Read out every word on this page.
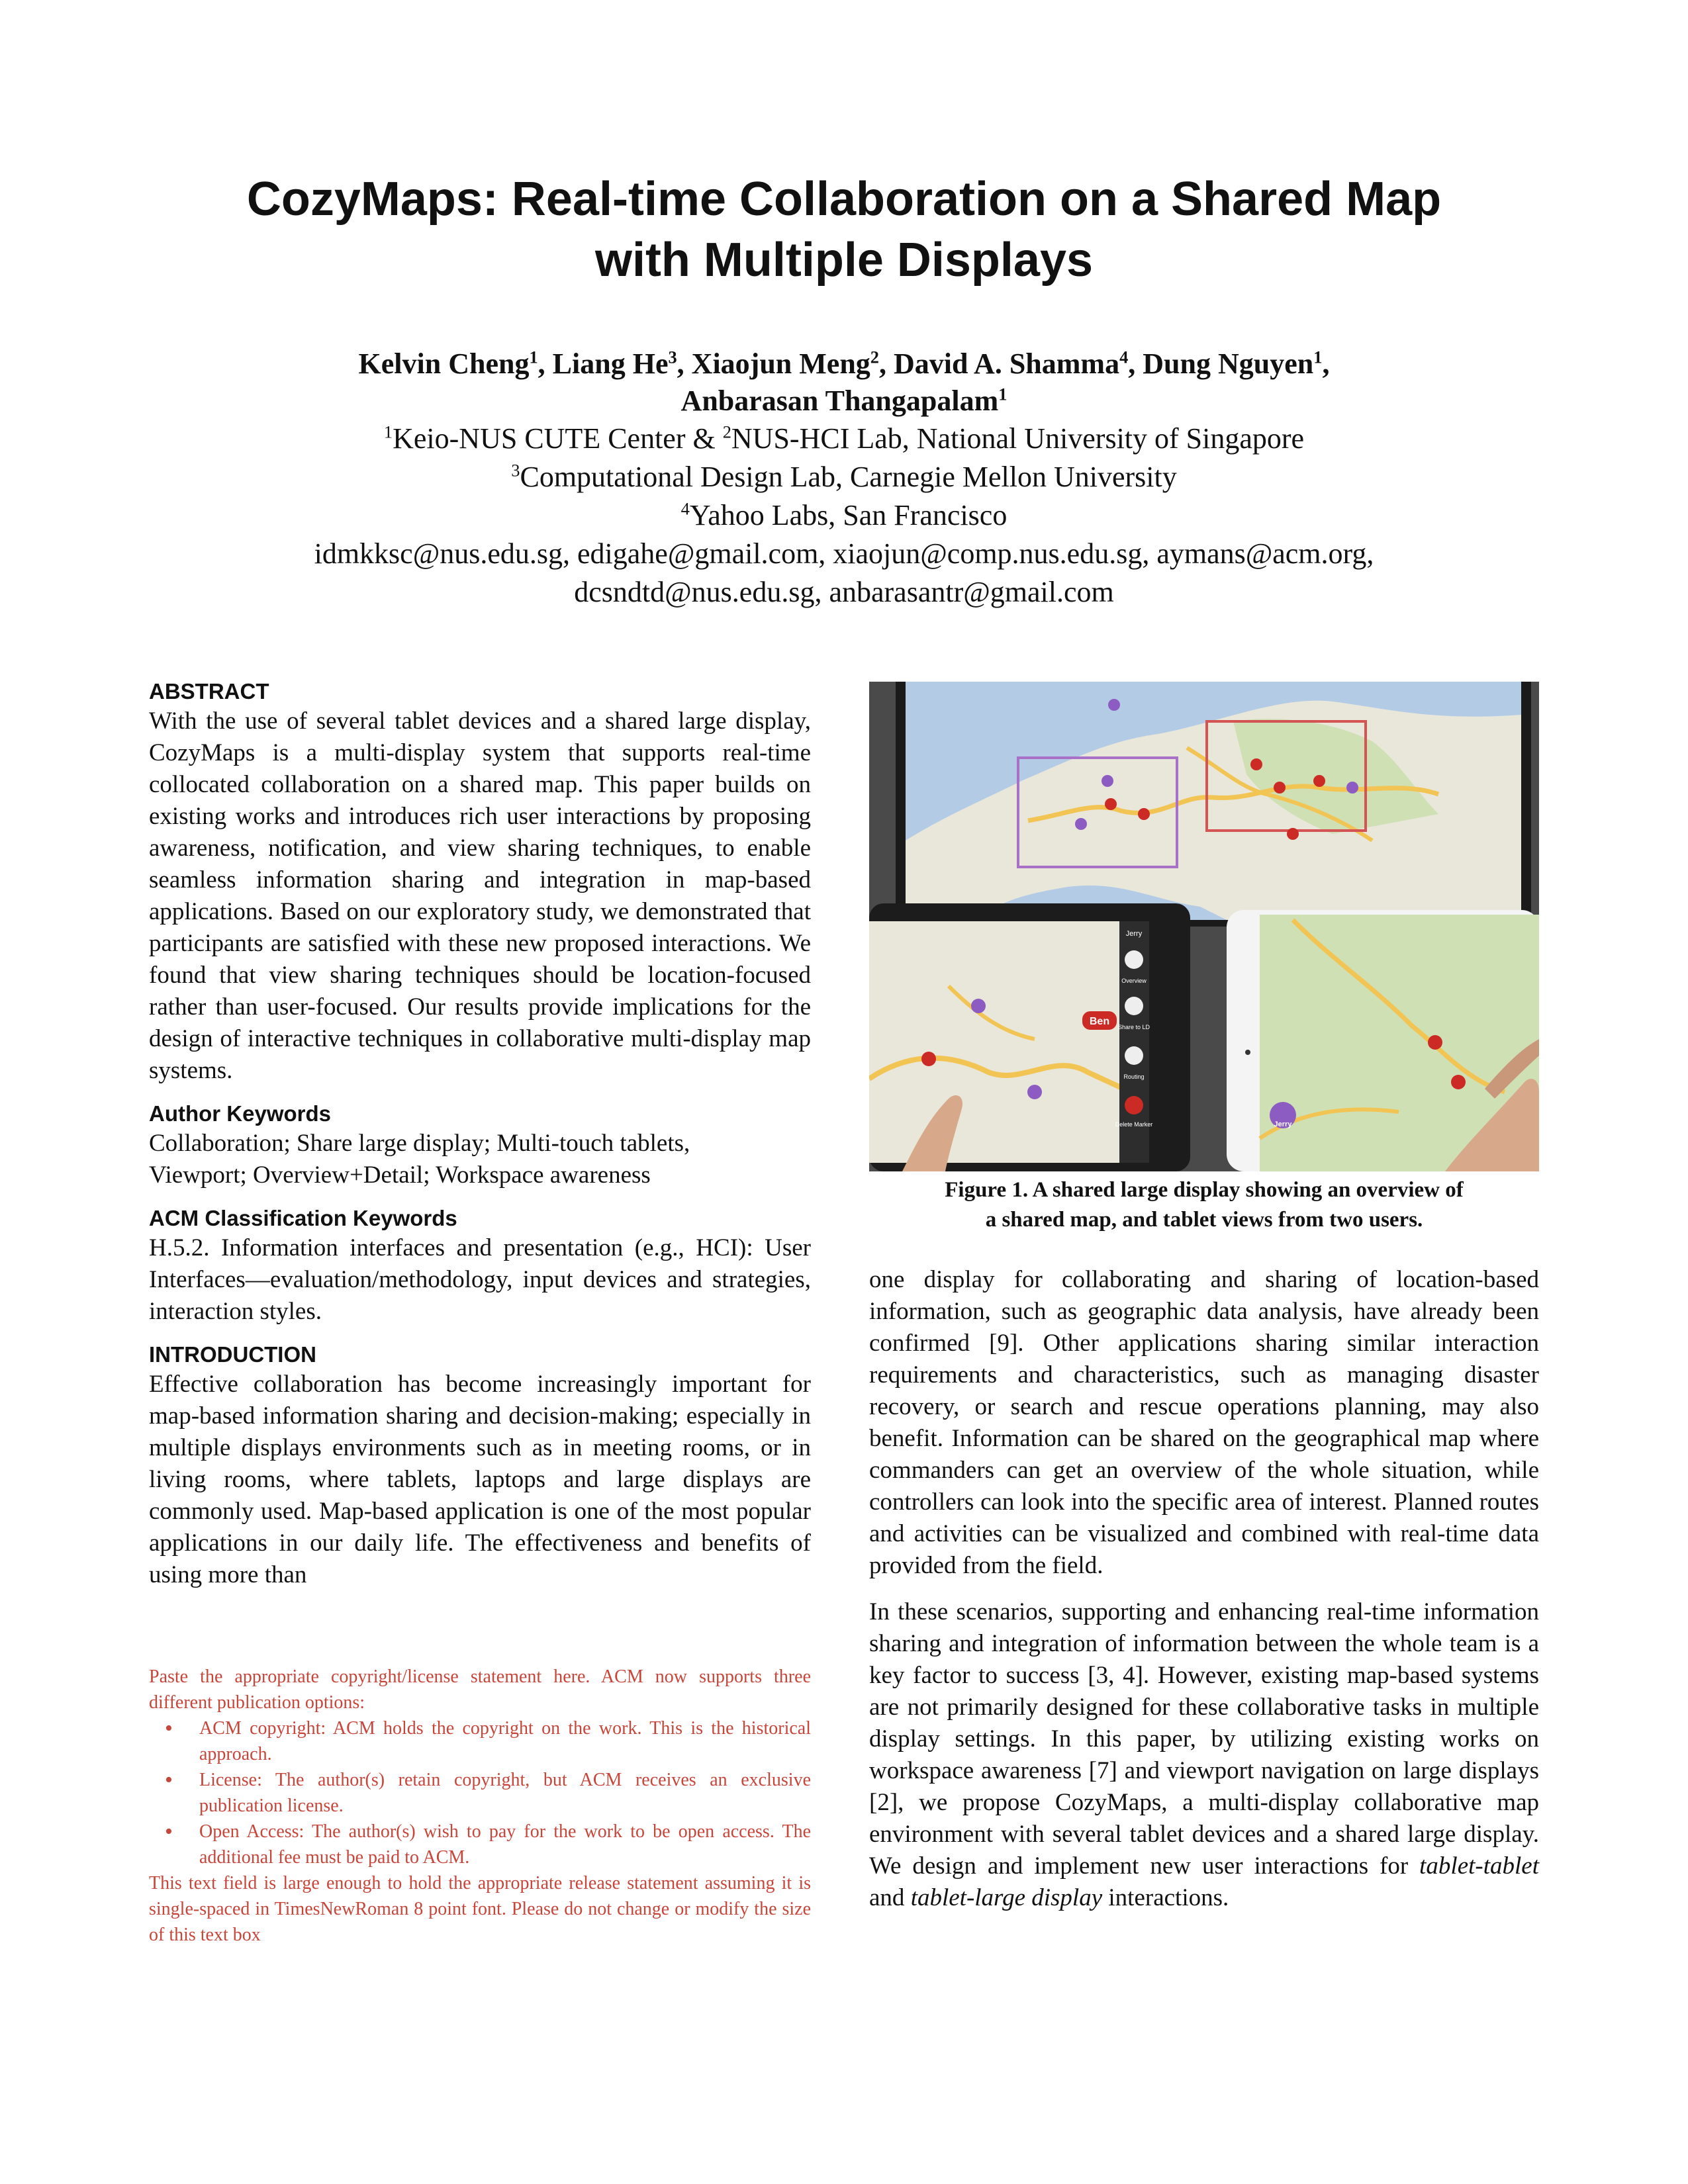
CozyMaps: Real-time Collaboration on a Shared Map
with Multiple Displays
Kelvin Cheng$^1$, Liang He$^3$, Xiaojun Meng$^2$, David A. Shamma$^4$, Dung Nguyen$^1$,
Anbarasan Thangapalam$^1$
$^1$Keio-NUS CUTE Center & $^2$NUS-HCI Lab, National University of Singapore
$^3$Computational Design Lab, Carnegie Mellon University
$^4$Yahoo Labs, San Francisco
idmkksc@nus.edu.sg, edigahe@gmail.com, xiaojun@comp.nus.edu.sg, aymans@acm.org,
dcsndtd@nus.edu.sg, anbarasantr@gmail.com
ABSTRACT

With the use of several tablet devices and a shared large display, CozyMaps is a multi-display system that supports real-time collocated collaboration on a shared map. This paper builds on existing works and introduces rich user interactions by proposing awareness, notification, and view sharing techniques, to enable seamless information sharing and integration in map-based applications. Based on our exploratory study, we demonstrated that participants are satisfied with these new proposed interactions. We found that view sharing techniques should be location-focused rather than user-focused. Our results provide implications for the design of interactive techniques in collaborative multi-display map systems.

Author Keywords

Collaboration; Share large display; Multi-touch tablets,

Viewport; Overview+Detail; Workspace awareness

ACM Classification Keywords

H.5.2. Information interfaces and presentation (e.g., HCI): User Interfaces—evaluation/methodology, input devices and strategies, interaction styles.

INTRODUCTION

Effective collaboration has become increasingly important for map-based information sharing and decision-making; especially in multiple displays environments such as in meeting rooms, or in living rooms, where tablets, laptops and large displays are commonly used. Map-based application is one of the most popular applications in our daily life. The effectiveness and benefits of using more than

Paste the appropriate copyright/license statement here. ACM now supports three different publication options:

• ACM copyright: ACM holds the copyright on the work. This is the historical approach.
• License: The author(s) retain copyright, but ACM receives an exclusive publication license.
• Open Access: The author(s) wish to pay for the work to be open access. The additional fee must be paid to ACM.

This text field is large enough to hold the appropriate release statement assuming it is single-spaced in TimesNewRoman 8 point font. Please do not change or modify the size of this text box

Ben
Jerry
Overview
Share to LD
Routing
Delete Marker	Jerry
Figure 1. A shared large display showing an overview of
a shared map, and tablet views from two users.

one display for collaborating and sharing of location-based information, such as geographic data analysis, have already been confirmed [9]. Other applications sharing similar interaction requirements and characteristics, such as managing disaster recovery, or search and rescue operations planning, may also benefit. Information can be shared on the geographical map where commanders can get an overview of the whole situation, while controllers can look into the specific area of interest. Planned routes and activities can be visualized and combined with real-time data provided from the field.

In these scenarios, supporting and enhancing real-time information sharing and integration of information between the whole team is a key factor to success [3, 4]. However, existing map-based systems are not primarily designed for these collaborative tasks in multiple display settings. In this paper, by utilizing existing works on workspace awareness [7] and viewport navigation on large displays [2], we propose CozyMaps, a multi-display collaborative map environment with several tablet devices and a shared large display. We design and implement new user interactions for tablet-tablet and tablet-large display interactions.
